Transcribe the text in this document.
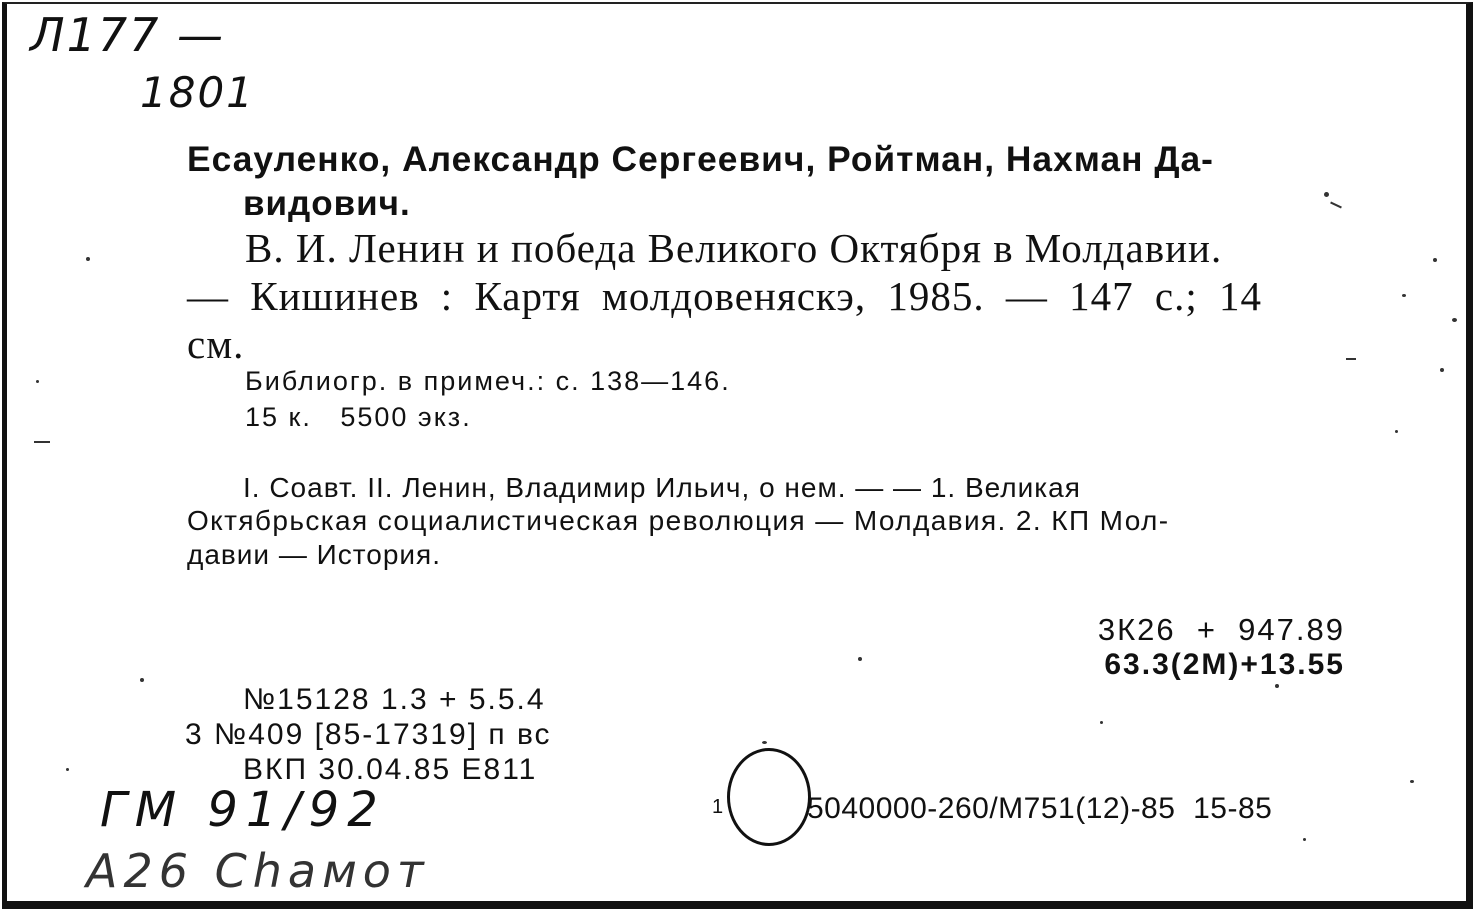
Л177 —
1801
Есауленко, Александр Сергеевич, Ройтман, Нахман Да-
видович.
В. И. Ленин и победа Великого Октября в Молдавии.
— Кишинев : Картя молдовеняскэ, 1985. — 147 с.; 14
см.
Библиогр. в примеч.: с. 138—146.
15 к.   5500 экз.
I. Соавт. II. Ленин, Владимир Ильич, о нем. — — 1. Великая
Октябрьская социалистическая революция — Молдавия. 2. КП Мол-
давии — История.
3К26  +  947.89
63.3(2М)+13.55
№15128 1.3 + 5.5.4
3 №409 [85-17319] п вс
ВКП 30.04.85 Е811
ГМ 91/92
А26 Сhамот
1	5040000-260/М751(12)-85  15-85
